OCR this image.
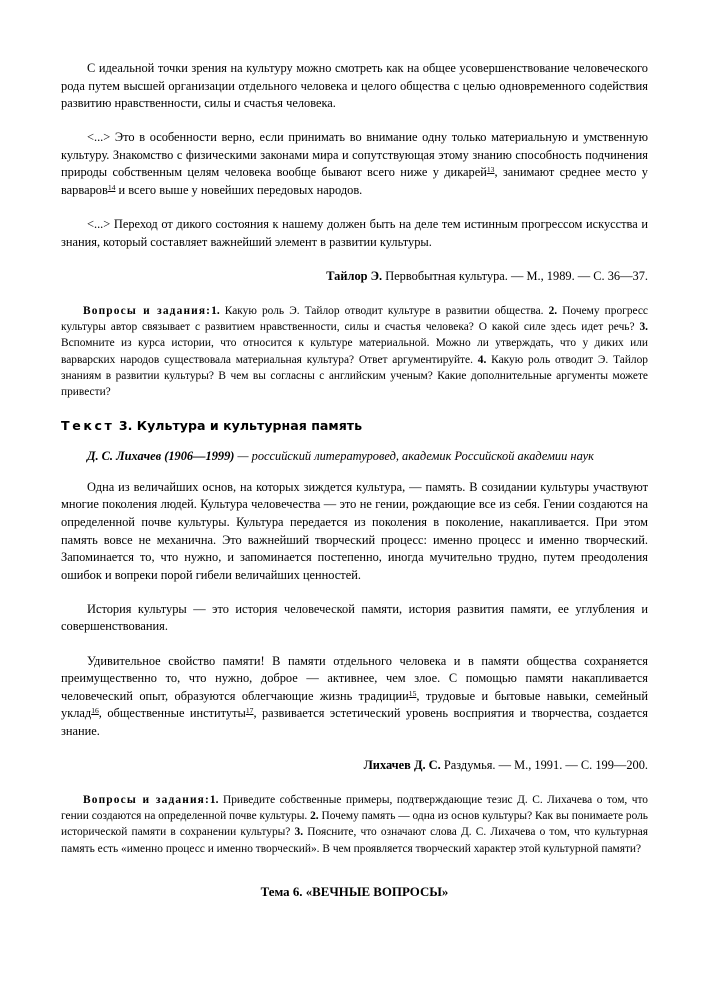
С идеальной точки зрения на культуру можно смотреть как на общее усовершенствование человеческого рода путем высшей организации отдельного человека и целого общества с целью одновременного содействия развитию нравственности, силы и счастья человека.

<...> Это в особенности верно, если принимать во внимание одну только материальную и умственную культуру. Знакомство с физическими законами мира и сопутствующая этому знанию способность подчинения природы собственным целям человека вообще бывают всего ниже у дикарей$^{13}$, занимают среднее место у варваров$^{14}$ и всего выше у новейших передовых народов.

<...> Переход от дикого состояния к нашему должен быть на деле тем истинным прогрессом искусства и знания, который составляет важнейший элемент в развитии культуры.

Тайлор Э. Первобытная культура. — М., 1989. — С. 36—37.

Вопросы и задания:1. Какую роль Э. Тайлор отводит культуре в развитии общества. 2. Почему прогресс культуры автор связывает с развитием нравственности, силы и счастья человека? О какой силе здесь идет речь? 3. Вспомните из курса истории, что относится к культуре материальной. Можно ли утверждать, что у диких или варварских народов существовала материальная культура? Ответ аргументируйте. 4. Какую роль отводит Э. Тайлор знаниям в развитии культуры? В чем вы согласны с английским ученым? Какие дополнительные аргументы можете привести?

Текст 3. Культура и культурная память

Д. С. Лихачев (1906—1999) — российский литературовед, академик Российской академии наук

Одна из величайших основ, на которых зиждется культура, — память. В созидании культуры участвуют многие поколения людей. Культура человечества — это не гении, рождающие все из себя. Гении создаются на определенной почве культуры. Культура передается из поколения в поколение, накапливается. При этом память вовсе не механична. Это важнейший творческий процесс: именно процесс и именно творческий. Запоминается то, что нужно, и запоминается постепенно, иногда мучительно трудно, путем преодоления ошибок и вопреки порой гибели величайших ценностей.

История культуры — это история человеческой памяти, история развития памяти, ее углубления и совершенствования.

Удивительное свойство памяти! В памяти отдельного человека и в памяти общества сохраняется преимущественно то, что нужно, доброе — активнее, чем злое. С помощью памяти накапливается человеческий опыт, образуются облегчающие жизнь традиции$^{15}$, трудовые и бытовые навыки, семейный уклад$^{16}$, общественные институты$^{17}$, развивается эстетический уровень восприятия и творчества, создается знание.

Лихачев Д. С. Раздумья. — М., 1991. — С. 199—200.

Вопросы и задания:1. Приведите собственные примеры, подтверждающие тезис Д. С. Лихачева о том, что гении создаются на определенной почве культуры. 2. Почему память — одна из основ культуры? Как вы понимаете роль исторической памяти в сохранении культуры? 3. Поясните, что означают слова Д. С. Лихачева о том, что культурная память есть «именно процесс и именно творческий». В чем проявляется творческий характер этой культурной памяти?

Тема 6. «ВЕЧНЫЕ ВОПРОСЫ»
